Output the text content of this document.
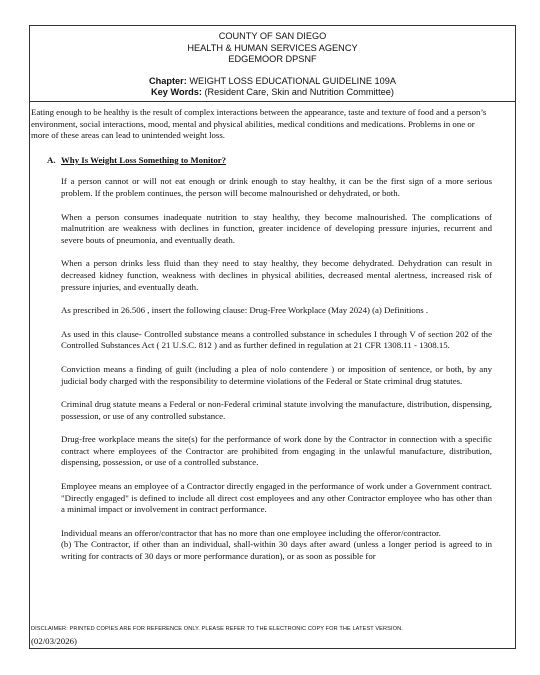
COUNTY OF SAN DIEGO
HEALTH & HUMAN SERVICES AGENCY
EDGEMOOR DPSNF
Chapter: WEIGHT LOSS EDUCATIONAL GUIDELINE 109A
Key Words: (Resident Care, Skin and Nutrition Committee)

Eating enough to be healthy is the result of complex interactions between the appearance, taste and texture of food and a person’s environment, social interactions, mood, mental and physical abilities, medical conditions and medications. Problems in one or more of these areas can lead to unintended weight loss.

A. Why Is Weight Loss Something to Monitor?

If a person cannot or will not eat enough or drink enough to stay healthy, it can be the first sign of a more serious problem. If the problem continues, the person will become malnourished or dehydrated, or both.

When a person consumes inadequate nutrition to stay healthy, they become malnourished. The complications of malnutrition are weakness with declines in function, greater incidence of developing pressure injuries, recurrent and severe bouts of pneumonia, and eventually death.

When a person drinks less fluid than they need to stay healthy, they become dehydrated. Dehydration can result in decreased kidney function, weakness with declines in physical abilities, decreased mental alertness, increased risk of pressure injuries, and eventually death.

As prescribed in 26.506 , insert the following clause: Drug-Free Workplace (May 2024) (a) Definitions .

As used in this clause- Controlled substance means a controlled substance in schedules I through V of section 202 of the Controlled Substances Act ( 21 U.S.C. 812 ) and as further defined in regulation at 21 CFR 1308.11 - 1308.15.

Conviction means a finding of guilt (including a plea of nolo contendere ) or imposition of sentence, or both, by any judicial body charged with the responsibility to determine violations of the Federal or State criminal drug statutes.

Criminal drug statute means a Federal or non-Federal criminal statute involving the manufacture, distribution, dispensing, possession, or use of any controlled substance.

Drug-free workplace means the site(s) for the performance of work done by the Contractor in connection with a specific contract where employees of the Contractor are prohibited from engaging in the unlawful manufacture, distribution, dispensing, possession, or use of a controlled substance.

Employee means an employee of a Contractor directly engaged in the performance of work under a Government contract. "Directly engaged" is defined to include all direct cost employees and any other Contractor employee who has other than a minimal impact or involvement in contract performance.

Individual means an offeror/contractor that has no more than one employee including the offeror/contractor.

(b) The Contractor, if other than an individual, shall-within 30 days after award (unless a longer period is agreed to in writing for contracts of 30 days or more performance duration), or as soon as possible for

DISCLAIMER: PRINTED COPIES ARE FOR REFERENCE ONLY. PLEASE REFER TO THE ELECTRONIC COPY FOR THE LATEST VERSION.
(02/03/2026)
